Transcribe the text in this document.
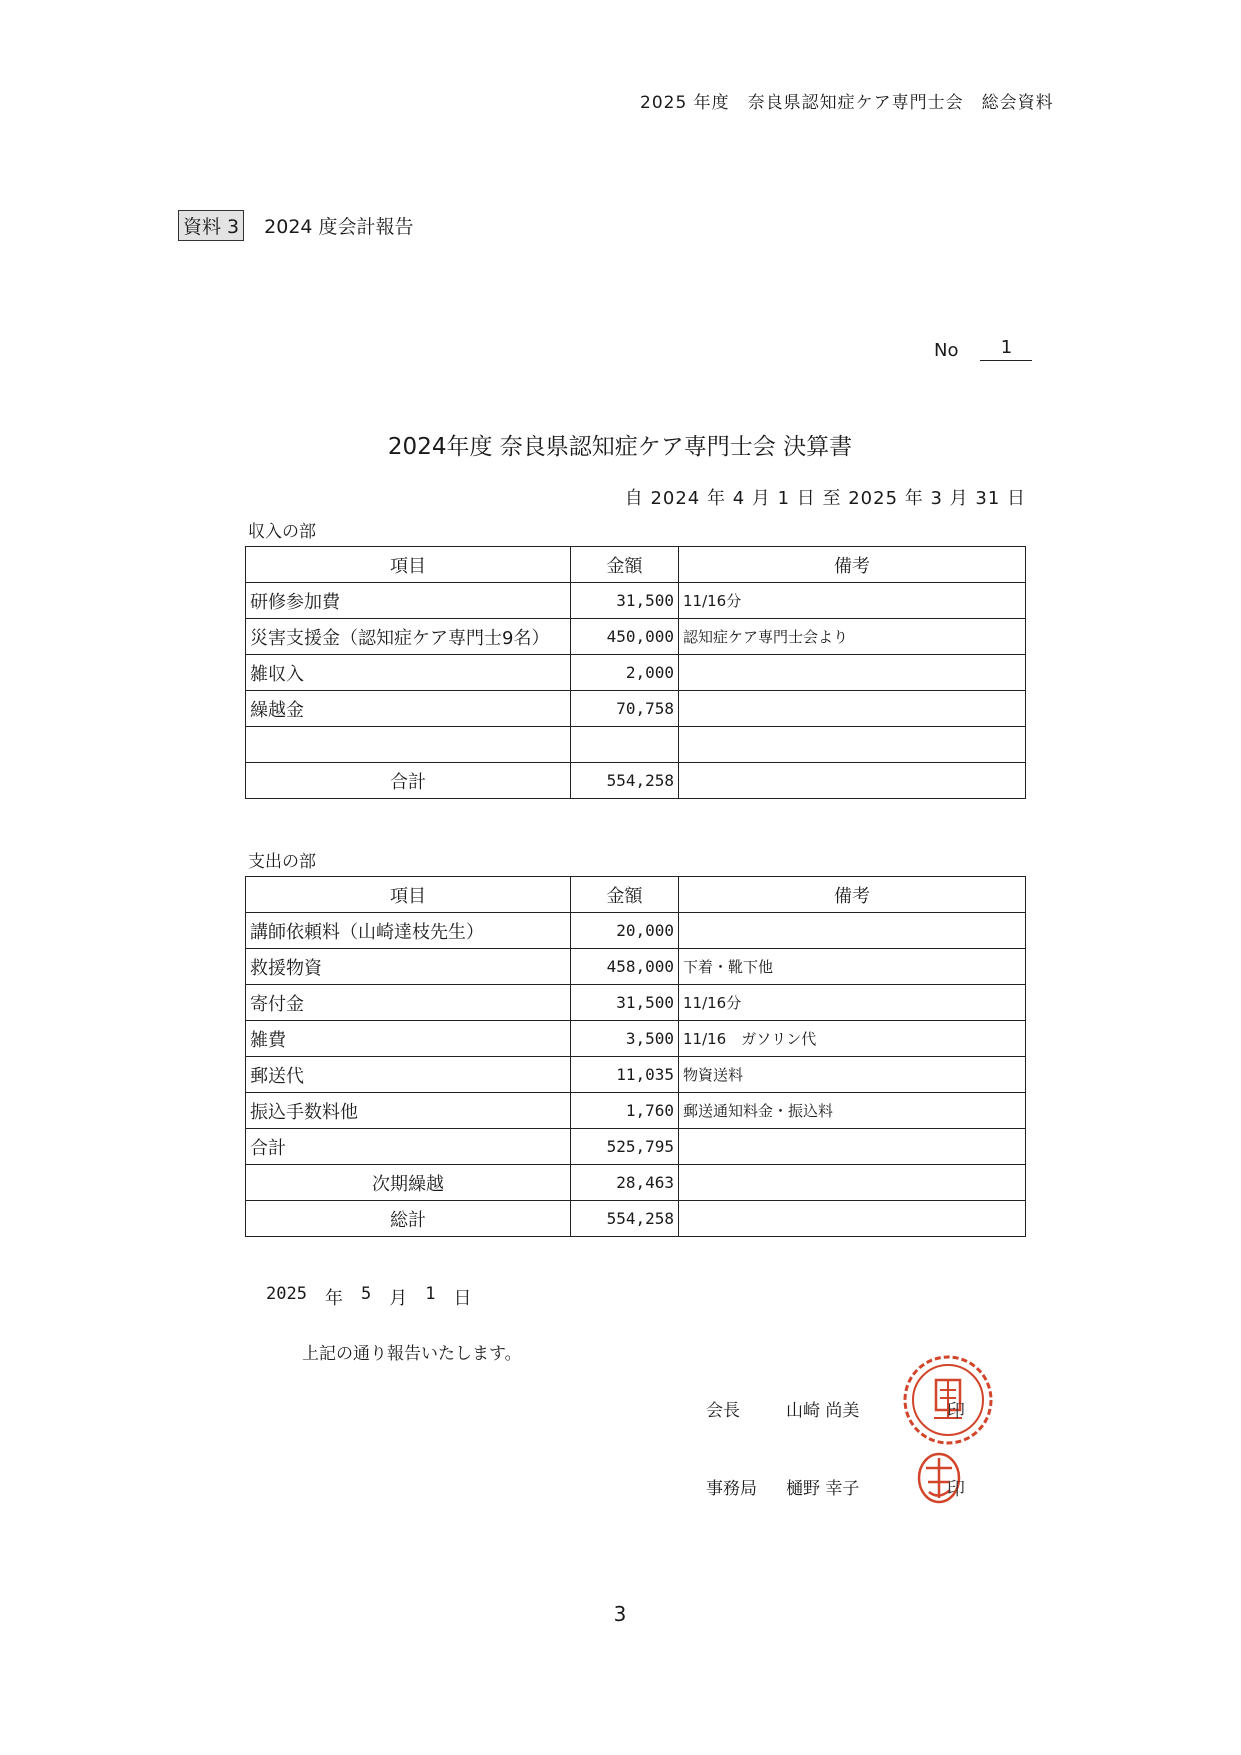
2025 年度　奈良県認知症ケア専門士会　総会資料
資料 3 2024 度会計報告
No	1
2024年度 奈良県認知症ケア専門士会 決算書
自 2024 年 4 月 1 日 至 2025 年 3 月 31 日
収入の部
項目	金額	備考
研修参加費	31,500	11/16分
災害支援金（認知症ケア専門士9名）	450,000	認知症ケア専門士会より
雑収入	2,000	
繰越金	70,758	

合計	554,258	
支出の部
項目	金額	備考
講師依頼料（山崎達枝先生）	20,000	
救援物資	458,000	下着・靴下他
寄付金	31,500	11/16分
雑費	3,500	11/16　ガソリン代
郵送代	11,035	物資送料
振込手数料他	1,760	郵送通知料金・振込料
合計	525,795	
次期繰越	28,463	
総計	554,258	
2025 年 5 月 1 日
上記の通り報告いたします。
会長	山崎 尚美	印
事務局 樋野 幸子	印
3
